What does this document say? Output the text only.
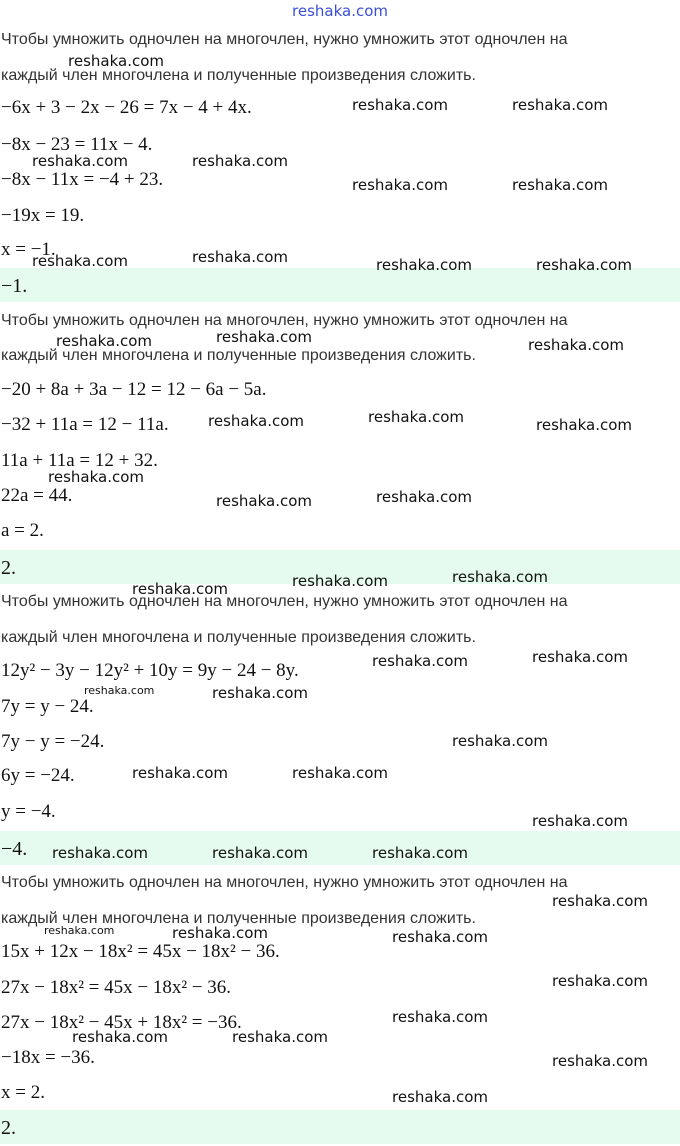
reshaka.com
Чтобы умножить одночлен на многочлен, нужно умножить этот одночлен на
каждый член многочлена и полученные произведения сложить.
−6x + 3 − 2x − 26 = 7x − 4 + 4x.
−8x − 23 = 11x − 4.
−8x − 11x = −4 + 23.
−19x = 19.
x = −1.
−1.
Чтобы умножить одночлен на многочлен, нужно умножить этот одночлен на
каждый член многочлена и полученные произведения сложить.
−20 + 8a + 3a − 12 = 12 − 6a − 5a.
−32 + 11a = 12 − 11a.
11a + 11a = 12 + 32.
22a = 44.
a = 2.
2.
Чтобы умножить одночлен на многочлен, нужно умножить этот одночлен на
каждый член многочлена и полученные произведения сложить.
12y² − 3y − 12y² + 10y = 9y − 24 − 8y.
7y = y − 24.
7y − y = −24.
6y = −24.
y = −4.
−4.
Чтобы умножить одночлен на многочлен, нужно умножить этот одночлен на
каждый член многочлена и полученные произведения сложить.
15x + 12x − 18x² = 45x − 18x² − 36.
27x − 18x² = 45x − 18x² − 36.
27x − 18x² − 45x + 18x² = −36.
−18x = −36.
x = 2.
2.
reshaka.com
reshaka.com	reshaka.com
reshaka.com	reshaka.com
reshaka.com	reshaka.com
reshaka.com	reshaka.com	reshaka.com	reshaka.com
reshaka.com	reshaka.com	reshaka.com
reshaka.com	reshaka.com	reshaka.com
reshaka.com
reshaka.com	reshaka.com
reshaka.com	reshaka.com	reshaka.com
reshaka.com	reshaka.com
reshaka.com	reshaka.com
reshaka.com
reshaka.com	reshaka.com
reshaka.com
reshaka.com	reshaka.com	reshaka.com
reshaka.com
reshaka.com	reshaka.com	reshaka.com
reshaka.com
reshaka.com
reshaka.com	reshaka.com
reshaka.com
reshaka.com
